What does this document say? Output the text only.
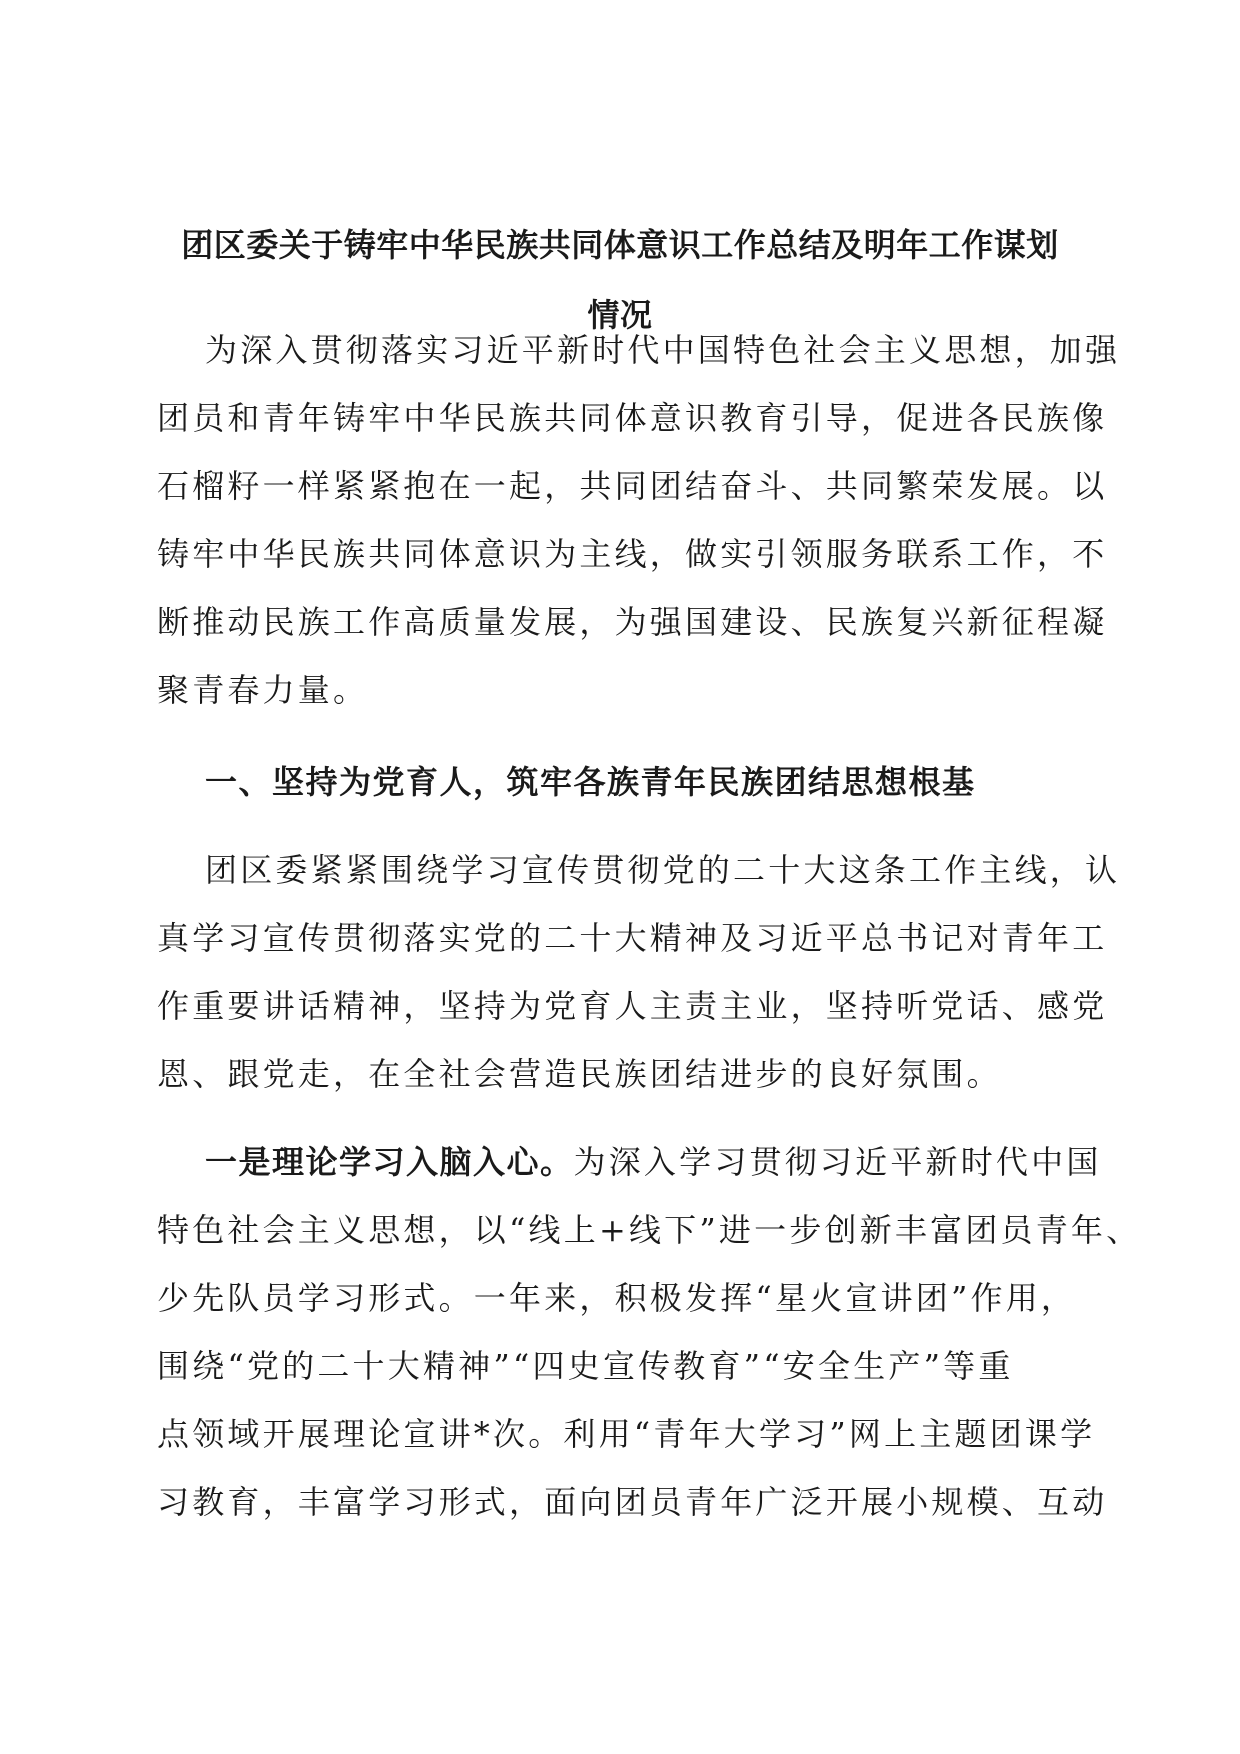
团区委关于铸牢中华民族共同体意识工作总结及明年工作谋划
情况
为深入贯彻落实习近平新时代中国特色社会主义思想，加强
团员和青年铸牢中华民族共同体意识教育引导，促进各民族像
石榴籽一样紧紧抱在一起，共同团结奋斗、共同繁荣发展。以
铸牢中华民族共同体意识为主线，做实引领服务联系工作，不
断推动民族工作高质量发展，为强国建设、民族复兴新征程凝
聚青春力量。
一、坚持为党育人，筑牢各族青年民族团结思想根基
团区委紧紧围绕学习宣传贯彻党的二十大这条工作主线，认
真学习宣传贯彻落实党的二十大精神及习近平总书记对青年工
作重要讲话精神，坚持为党育人主责主业，坚持听党话、感党
恩、跟党走，在全社会营造民族团结进步的良好氛围。
一是理论学习入脑入心。为深入学习贯彻习近平新时代中国
特色社会主义思想，以“线上+线下”进一步创新丰富团员青年、
少先队员学习形式。一年来，积极发挥“星火宣讲团”作用，
围绕“党的二十大精神”“四史宣传教育”“安全生产”等重
点领域开展理论宣讲*次。利用“青年大学习”网上主题团课学
习教育，丰富学习形式，面向团员青年广泛开展小规模、互动
